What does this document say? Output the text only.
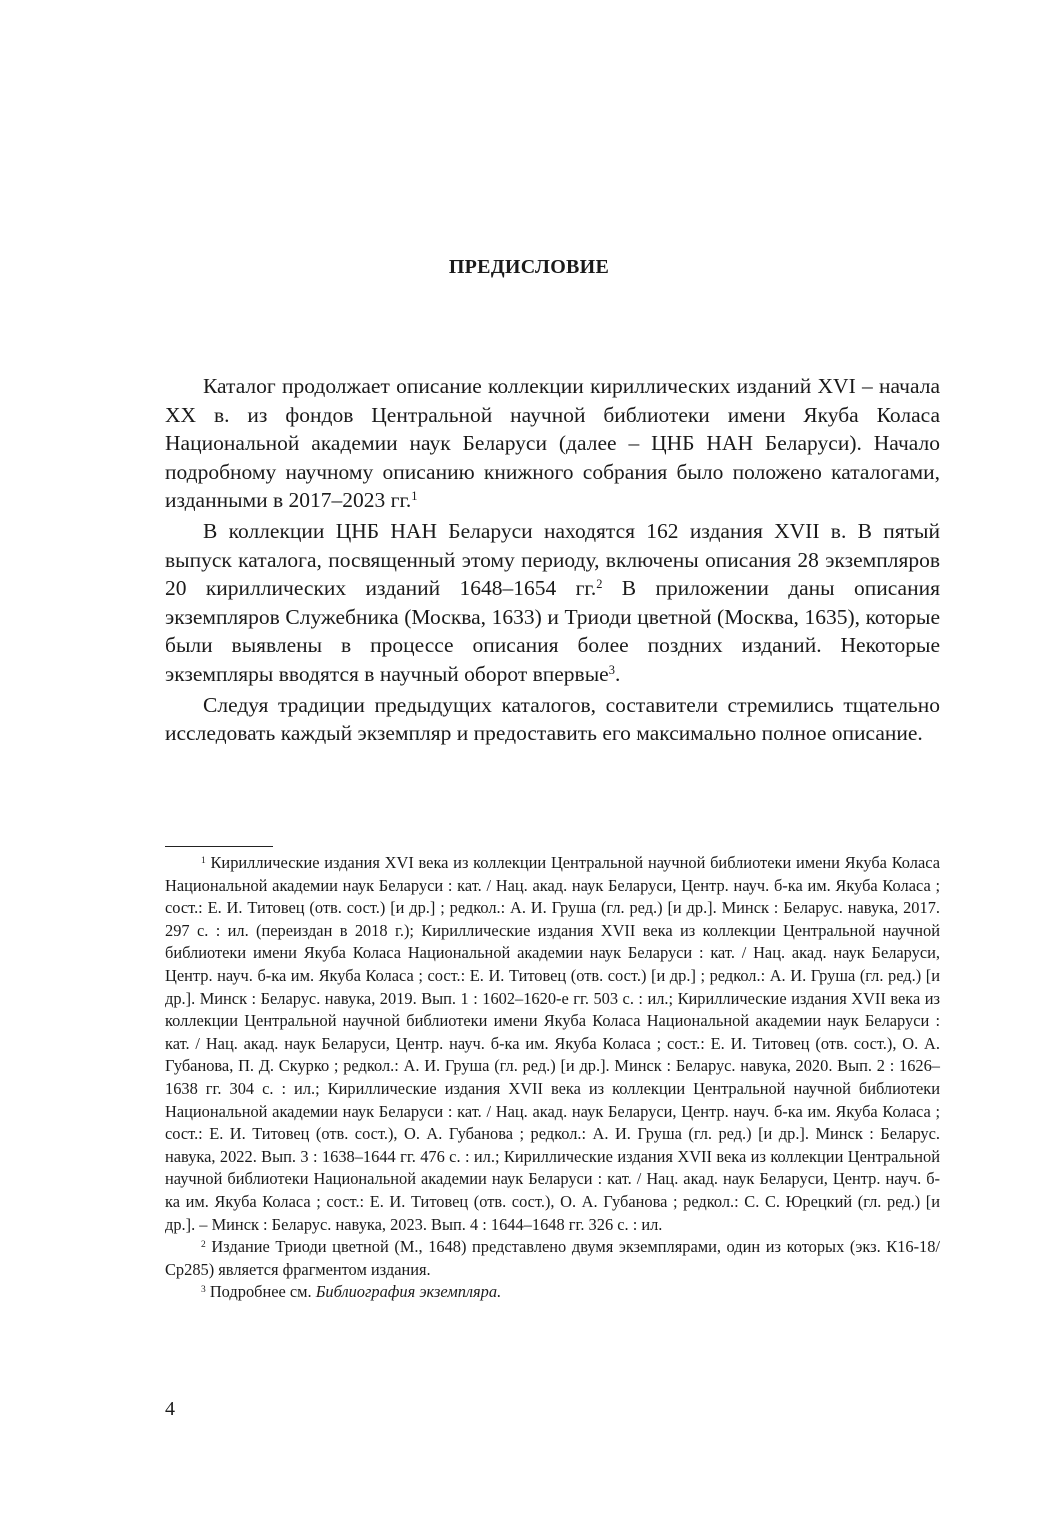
ПРЕДИСЛОВИЕ

Каталог продолжает описание коллекции кириллических изданий XVI – начала XX в. из фондов Центральной научной библиотеки имени Якуба Коласа Национальной академии наук Беларуси (далее – ЦНБ НАН Беларуси). Начало подробному научному описанию книжного собрания было положено каталогами, изданными в 2017–2023 гг.$^1$

В коллекции ЦНБ НАН Беларуси находятся 162 издания XVII в. В пятый выпуск каталога, посвященный этому периоду, включены описания 28 экземпляров 20 кириллических изданий 1648–1654 гг.$^2$ В приложении даны описания экземпляров Служебника (Москва, 1633) и Триоди цветной (Москва, 1635), которые были выявлены в процессе описания более поздних изданий. Некоторые экземпляры вводятся в научный оборот впервые$^3$.

Следуя традиции предыдущих каталогов, составители стремились тщательно исследовать каждый экземпляр и предоставить его максимально полное описание.

$^1$ Кириллические издания XVI века из коллекции Центральной научной библиотеки имени Якуба Коласа Национальной академии наук Беларуси : кат. / Нац. акад. наук Беларуси, Центр. науч. б-ка им. Якуба Коласа ; сост.: Е. И. Титовец (отв. сост.) [и др.] ; редкол.: А. И. Груша (гл. ред.) [и др.]. Минск : Беларус. навука, 2017. 297 с. : ил. (переиздан в 2018 г.); Кириллические издания XVII века из коллекции Центральной научной библиотеки имени Якуба Коласа Национальной академии наук Беларуси : кат. / Нац. акад. наук Беларуси, Центр. науч. б-ка им. Якуба Коласа ; сост.: Е. И. Титовец (отв. сост.) [и др.] ; редкол.: А. И. Груша (гл. ред.) [и др.]. Минск : Беларус. навука, 2019. Вып. 1 : 1602–1620-е гг. 503 с. : ил.; Кириллические издания XVII века из коллекции Центральной научной библиотеки имени Якуба Коласа Национальной академии наук Беларуси : кат. / Нац. акад. наук Беларуси, Центр. науч. б-ка им. Якуба Коласа ; сост.: Е. И. Титовец (отв. сост.), О. А. Губанова, П. Д. Скурко ; редкол.: А. И. Груша (гл. ред.) [и др.]. Минск : Беларус. навука, 2020. Вып. 2 : 1626–1638 гг. 304 с. : ил.; Кириллические издания XVII века из коллекции Центральной научной библиотеки Национальной академии наук Беларуси : кат. / Нац. акад. наук Беларуси, Центр. науч. б-ка им. Якуба Коласа ; сост.: Е. И. Титовец (отв. сост.), О. А. Губанова ; редкол.: А. И. Груша (гл. ред.) [и др.]. Минск : Беларус. навука, 2022. Вып. 3 : 1638–1644 гг. 476 с. : ил.; Кириллические издания XVII века из коллекции Центральной научной библиотеки Национальной академии наук Беларуси : кат. / Нац. акад. наук Беларуси, Центр. науч. б-ка им. Якуба Коласа ; сост.: Е. И. Титовец (отв. сост.), О. А. Губанова ; редкол.: С. С. Юрецкий (гл. ред.) [и др.]. – Минск : Беларус. навука, 2023. Вып. 4 : 1644–1648 гг. 326 с. : ил.

$^2$ Издание Триоди цветной (М., 1648) представлено двумя экземплярами, один из которых (экз. К16-18/Ср285) является фрагментом издания.

$^3$ Подробнее см. Библиография экземпляра.

4
